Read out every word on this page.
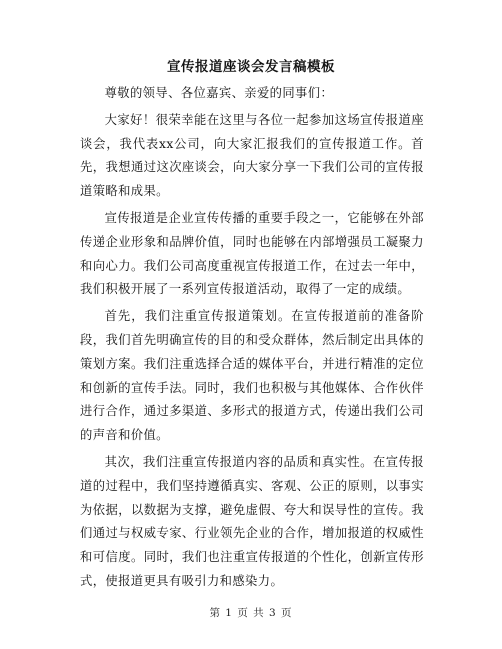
宣传报道座谈会发言稿模板

尊敬的领导、各位嘉宾、亲爱的同事们：

大家好！很荣幸能在这里与各位一起参加这场宣传报道座谈会，我代表xx公司，向大家汇报我们的宣传报道工作。首先，我想通过这次座谈会，向大家分享一下我们公司的宣传报道策略和成果。

宣传报道是企业宣传传播的重要手段之一，它能够在外部传递企业形象和品牌价值，同时也能够在内部增强员工凝聚力和向心力。我们公司高度重视宣传报道工作，在过去一年中，我们积极开展了一系列宣传报道活动，取得了一定的成绩。

首先，我们注重宣传报道策划。在宣传报道前的准备阶段，我们首先明确宣传的目的和受众群体，然后制定出具体的策划方案。我们注重选择合适的媒体平台，并进行精准的定位和创新的宣传手法。同时，我们也积极与其他媒体、合作伙伴进行合作，通过多渠道、多形式的报道方式，传递出我们公司的声音和价值。

其次，我们注重宣传报道内容的品质和真实性。在宣传报道的过程中，我们坚持遵循真实、客观、公正的原则，以事实为依据，以数据为支撑，避免虚假、夸大和误导性的宣传。我们通过与权威专家、行业领先企业的合作，增加报道的权威性和可信度。同时，我们也注重宣传报道的个性化，创新宣传形式，使报道更具有吸引力和感染力。

第 1 页 共 3 页
